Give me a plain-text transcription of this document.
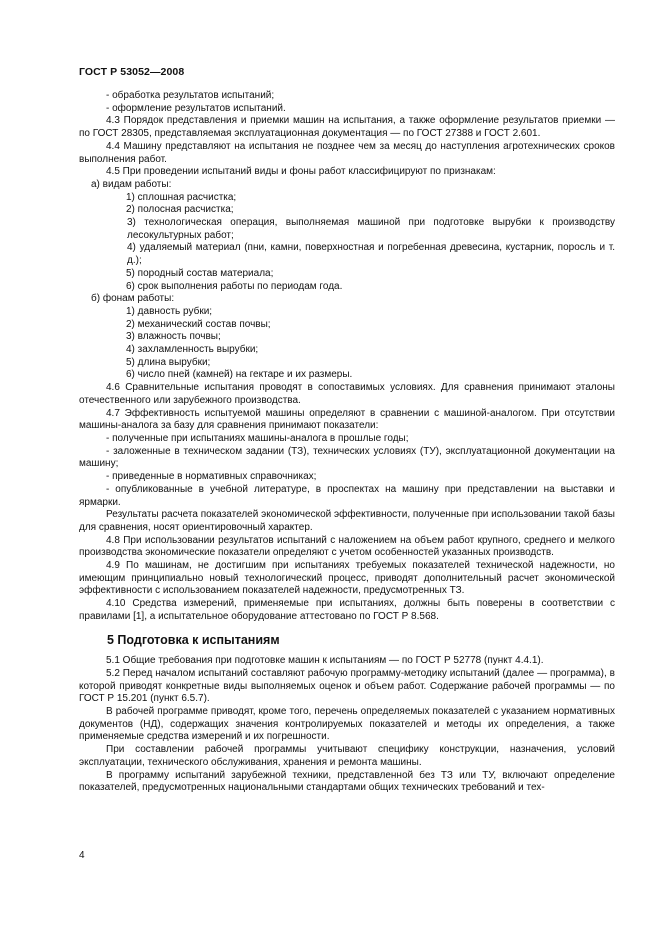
ГОСТ Р 53052—2008

- обработка результатов испытаний;

- оформление результатов испытаний.

4.3 Порядок представления и приемки машин на испытания, а также оформление результатов приемки — по ГОСТ 28305, представляемая эксплуатационная документация — по ГОСТ 27388 и ГОСТ 2.601.

4.4 Машину представляют на испытания не позднее чем за месяц до наступления агротехнических сроков выполнения работ.

4.5 При проведении испытаний виды и фоны работ классифицируют по признакам:

а) видам работы:

1) сплошная расчистка;

2) полосная расчистка;

3) технологическая операция, выполняемая машиной при подготовке вырубки к производству лесокультурных работ;

4) удаляемый материал (пни, камни, поверхностная и погребенная древесина, кустарник, поросль и т. д.);

5) породный состав материала;

6) срок выполнения работы по периодам года.

б) фонам работы:

1) давность рубки;

2) механический состав почвы;

3) влажность почвы;

4) захламленность вырубки;

5) длина вырубки;

6) число пней (камней) на гектаре и их размеры.

4.6 Сравнительные испытания проводят в сопоставимых условиях. Для сравнения принимают эталоны отечественного или зарубежного производства.

4.7 Эффективность испытуемой машины определяют в сравнении с машиной-аналогом. При отсутствии машины-аналога за базу для сравнения принимают показатели:

- полученные при испытаниях машины-аналога в прошлые годы;

- заложенные в техническом задании (ТЗ), технических условиях (ТУ), эксплуатационной документации на машину;

- приведенные в нормативных справочниках;

- опубликованные в учебной литературе, в проспектах на машину при представлении на выставки и ярмарки.

Результаты расчета показателей экономической эффективности, полученные при использовании такой базы для сравнения, носят ориентировочный характер.

4.8 При использовании результатов испытаний с наложением на объем работ крупного, среднего и мелкого производства экономические показатели определяют с учетом особенностей указанных производств.

4.9 По машинам, не достигшим при испытаниях требуемых показателей технической надежности, но имеющим принципиально новый технологический процесс, приводят дополнительный расчет экономической эффективности с использованием показателей надежности, предусмотренных ТЗ.

4.10 Средства измерений, применяемые при испытаниях, должны быть поверены в соответствии с правилами [1], а испытательное оборудование аттестовано по ГОСТ Р 8.568.

5 Подготовка к испытаниям

5.1 Общие требования при подготовке машин к испытаниям — по ГОСТ Р 52778 (пункт 4.4.1).

5.2 Перед началом испытаний составляют рабочую программу-методику испытаний (далее — программа), в которой приводят конкретные виды выполняемых оценок и объем работ. Содержание рабочей программы — по ГОСТ Р 15.201 (пункт 6.5.7).

В рабочей программе приводят, кроме того, перечень определяемых показателей с указанием нормативных документов (НД), содержащих значения контролируемых показателей и методы их определения, а также применяемые средства измерений и их погрешности.

При составлении рабочей программы учитывают специфику конструкции, назначения, условий эксплуатации, технического обслуживания, хранения и ремонта машины.

В программу испытаний зарубежной техники, представленной без ТЗ или ТУ, включают определение показателей, предусмотренных национальными стандартами общих технических требований и тех-

4
